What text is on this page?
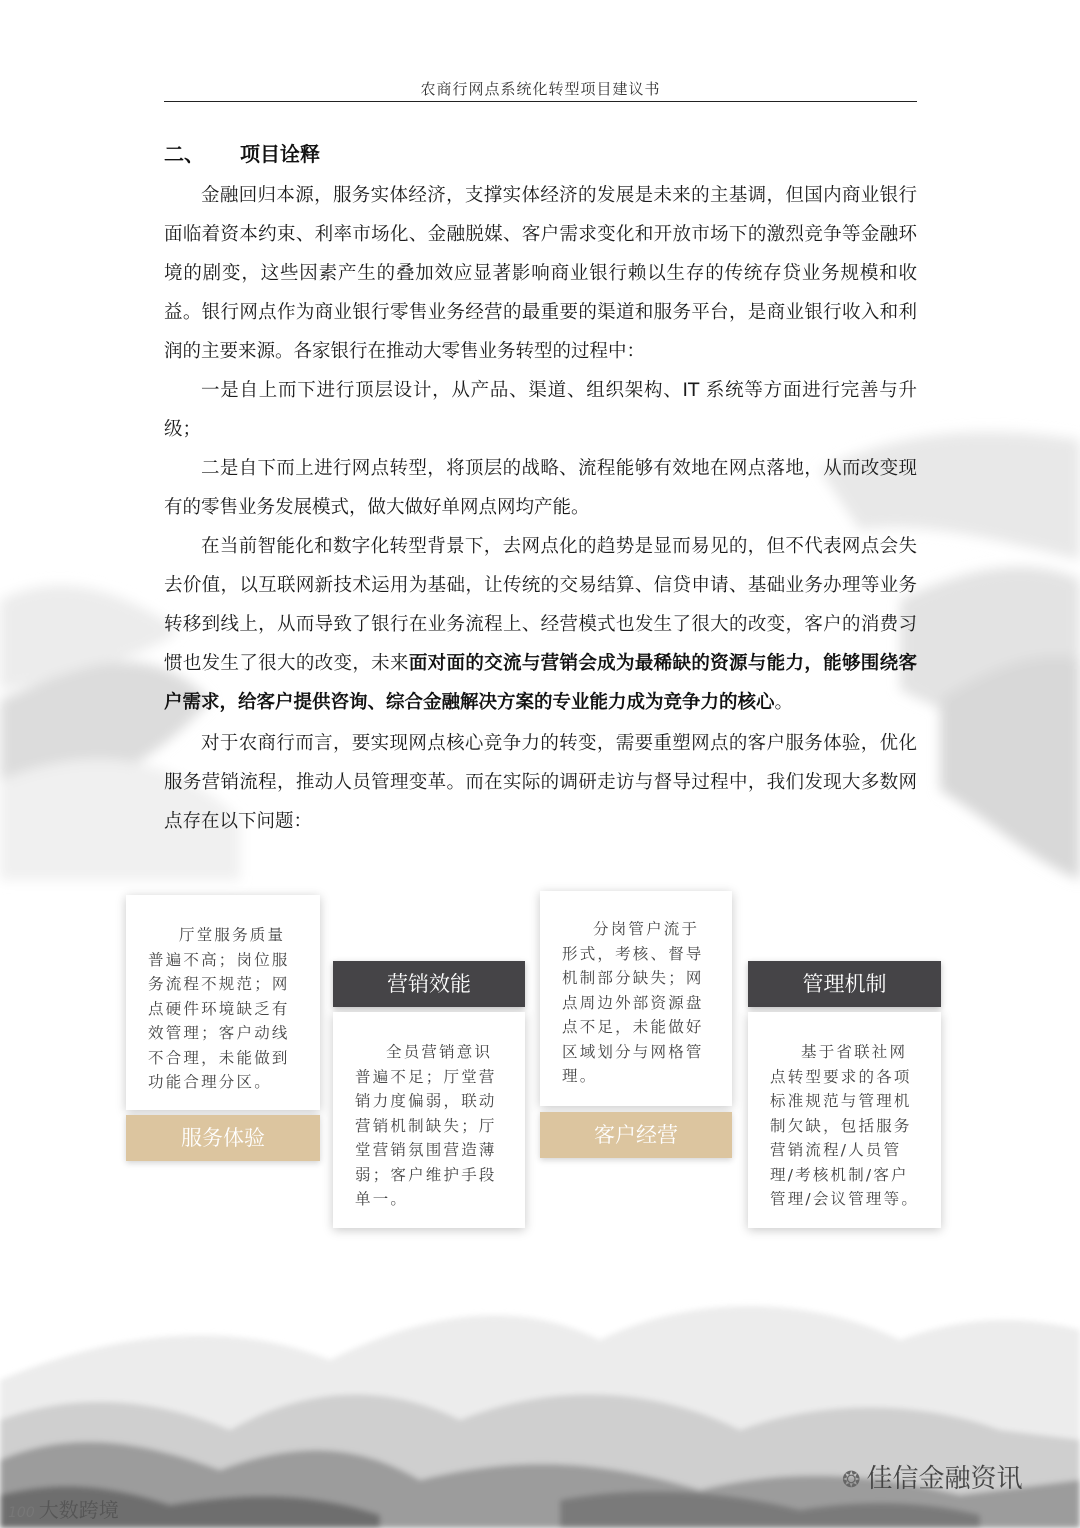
农商行网点系统化转型项目建议书
二、 项目诠释

金融回归本源，服务实体经济，支撑实体经济的发展是未来的主基调，但国内商业银行面临着资本约束、利率市场化、金融脱媒、客户需求变化和开放市场下的激烈竞争等金融环境的剧变，这些因素产生的叠加效应显著影响商业银行赖以生存的传统存贷业务规模和收益。银行网点作为商业银行零售业务经营的最重要的渠道和服务平台，是商业银行收入和利润的主要来源。各家银行在推动大零售业务转型的过程中：

一是自上而下进行顶层设计，从产品、渠道、组织架构、IT 系统等方面进行完善与升级；

二是自下而上进行网点转型，将顶层的战略、流程能够有效地在网点落地，从而改变现有的零售业务发展模式，做大做好单网点网均产能。

在当前智能化和数字化转型背景下，去网点化的趋势是显而易见的，但不代表网点会失去价值，以互联网新技术运用为基础，让传统的交易结算、信贷申请、基础业务办理等业务转移到线上，从而导致了银行在业务流程上、经营模式也发生了很大的改变，客户的消费习惯也发生了很大的改变，未来面对面的交流与营销会成为最稀缺的资源与能力，能够围绕客户需求，给客户提供咨询、综合金融解决方案的专业能力成为竞争力的核心。

对于农商行而言，要实现网点核心竞争力的转变，需要重塑网点的客户服务体验，优化服务营销流程，推动人员管理变革。而在实际的调研走访与督导过程中，我们发现大多数网点存在以下问题：

厅堂服务质量普遍不高；岗位服务流程不规范；网点硬件环境缺乏有效管理；客户动线不合理，未能做到功能合理分区。
服务体验
营销效能
全员营销意识普遍不足；厅堂营销力度偏弱，联动营销机制缺失；厅堂营销氛围营造薄弱；客户维护手段单一。
分岗管户流于形式，考核、督导机制部分缺失；网点周边外部资源盘点不足，未能做好区域划分与网格管理。
客户经营
管理机制
基于省联社网点转型要求的各项标准规范与管理机制欠缺，包括服务营销流程/人员管理/考核机制/客户管理/会议管理等。
❂ 佳信金融资讯
100 大数跨境
